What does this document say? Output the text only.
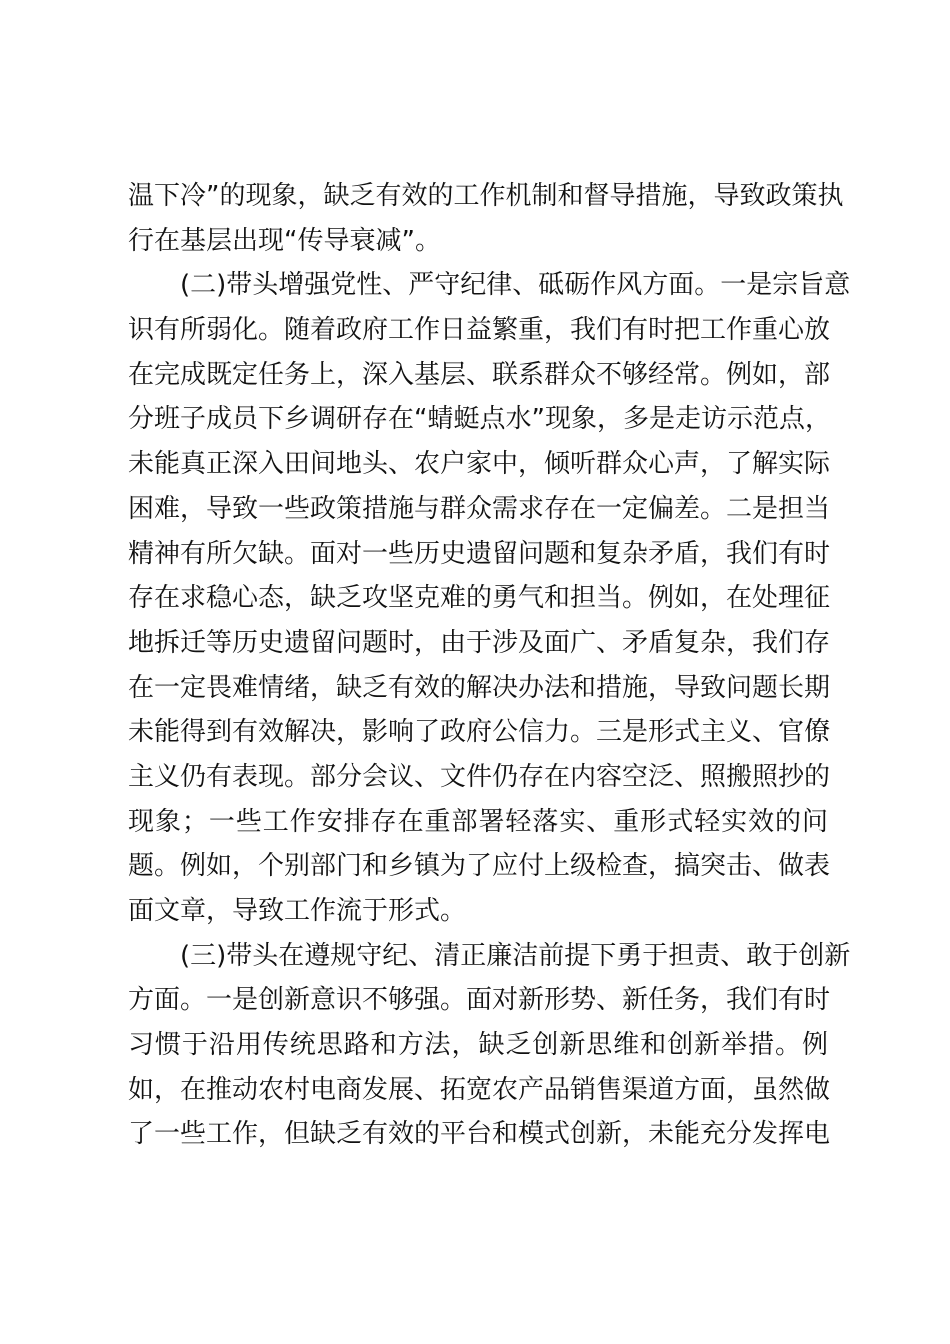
温下冷”的现象，缺乏有效的工作机制和督导措施，导致政策执
行在基层出现“传导衰减”。
(二)带头增强党性、严守纪律、砥砺作风方面。一是宗旨意
识有所弱化。随着政府工作日益繁重，我们有时把工作重心放
在完成既定任务上，深入基层、联系群众不够经常。例如，部
分班子成员下乡调研存在“蜻蜓点水”现象，多是走访示范点，
未能真正深入田间地头、农户家中，倾听群众心声，了解实际
困难，导致一些政策措施与群众需求存在一定偏差。二是担当
精神有所欠缺。面对一些历史遗留问题和复杂矛盾，我们有时
存在求稳心态，缺乏攻坚克难的勇气和担当。例如，在处理征
地拆迁等历史遗留问题时，由于涉及面广、矛盾复杂，我们存
在一定畏难情绪，缺乏有效的解决办法和措施，导致问题长期
未能得到有效解决，影响了政府公信力。三是形式主义、官僚
主义仍有表现。部分会议、文件仍存在内容空泛、照搬照抄的
现象；一些工作安排存在重部署轻落实、重形式轻实效的问
题。例如，个别部门和乡镇为了应付上级检查，搞突击、做表
面文章，导致工作流于形式。
(三)带头在遵规守纪、清正廉洁前提下勇于担责、敢于创新
方面。一是创新意识不够强。面对新形势、新任务，我们有时
习惯于沿用传统思路和方法，缺乏创新思维和创新举措。例
如，在推动农村电商发展、拓宽农产品销售渠道方面，虽然做
了一些工作，但缺乏有效的平台和模式创新，未能充分发挥电
